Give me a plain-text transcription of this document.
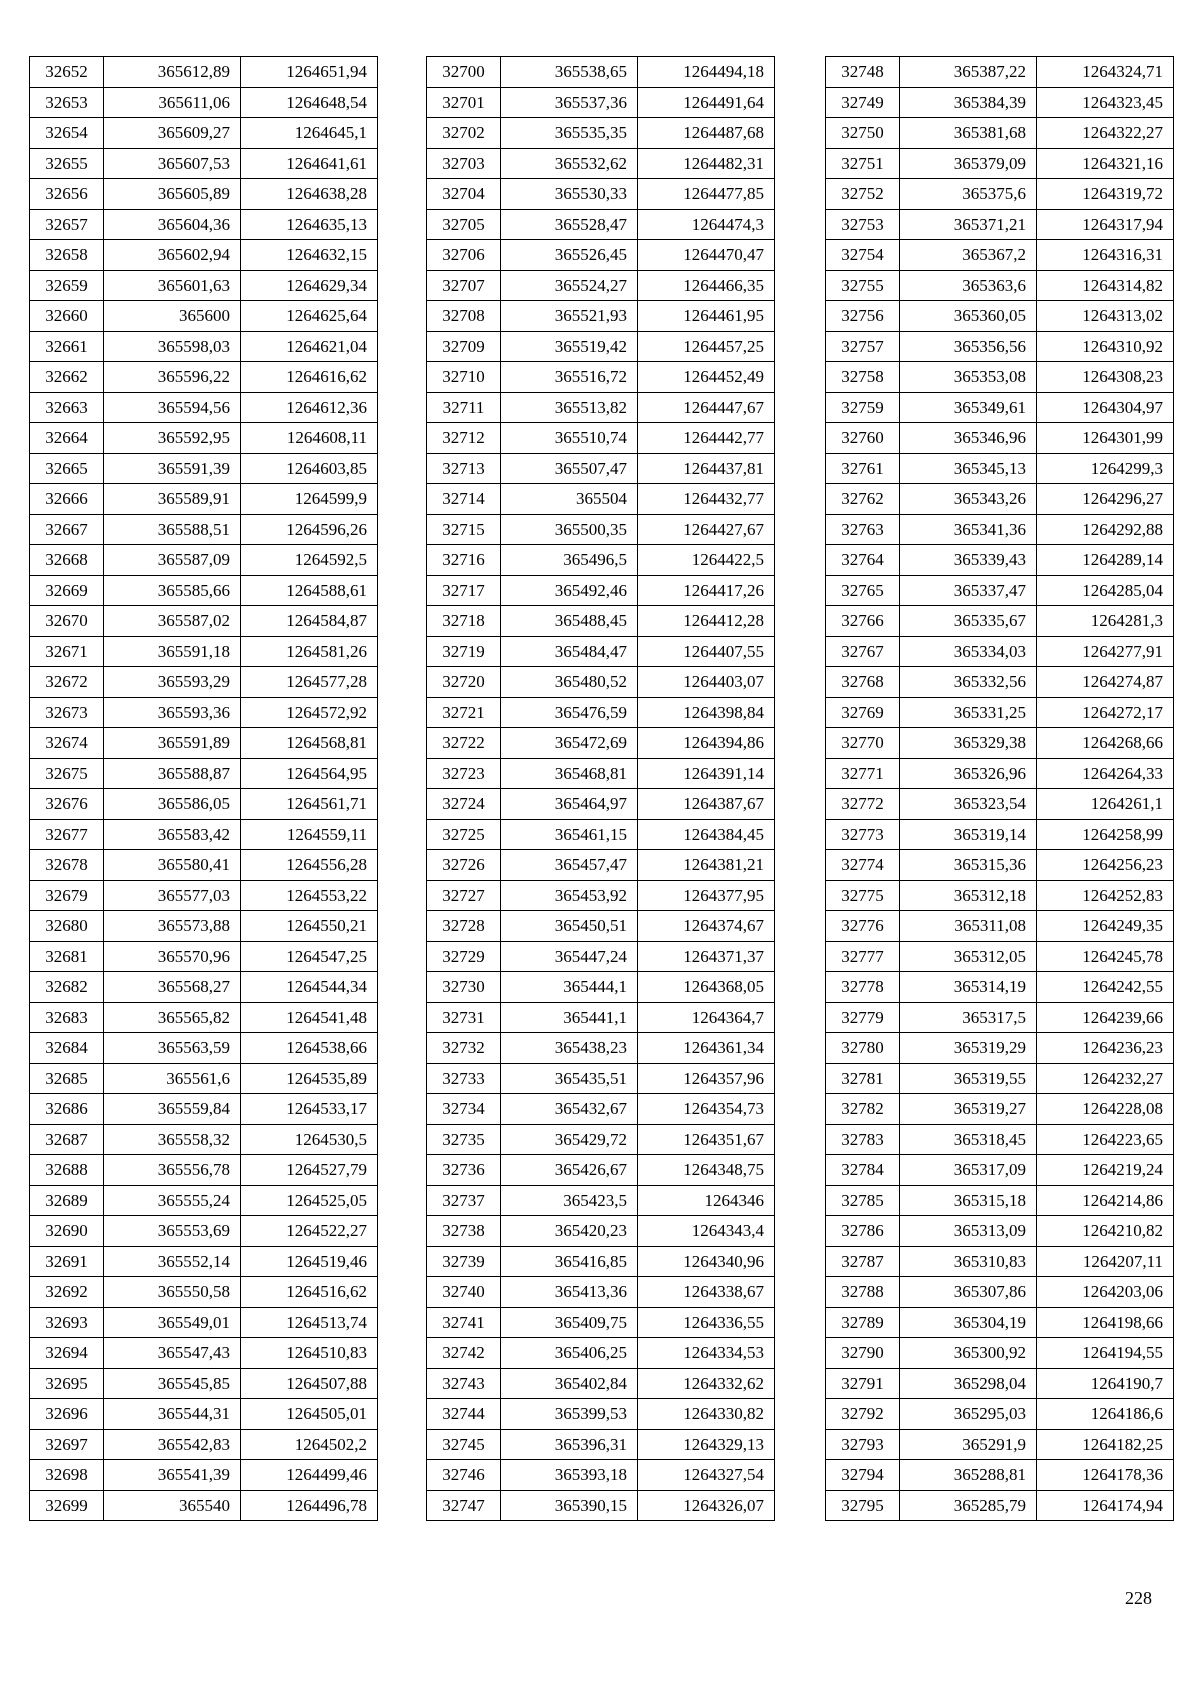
32652	365612,89	1264651,94
32653	365611,06	1264648,54
32654	365609,27	1264645,1
32655	365607,53	1264641,61
32656	365605,89	1264638,28
32657	365604,36	1264635,13
32658	365602,94	1264632,15
32659	365601,63	1264629,34
32660	365600	1264625,64
32661	365598,03	1264621,04
32662	365596,22	1264616,62
32663	365594,56	1264612,36
32664	365592,95	1264608,11
32665	365591,39	1264603,85
32666	365589,91	1264599,9
32667	365588,51	1264596,26
32668	365587,09	1264592,5
32669	365585,66	1264588,61
32670	365587,02	1264584,87
32671	365591,18	1264581,26
32672	365593,29	1264577,28
32673	365593,36	1264572,92
32674	365591,89	1264568,81
32675	365588,87	1264564,95
32676	365586,05	1264561,71
32677	365583,42	1264559,11
32678	365580,41	1264556,28
32679	365577,03	1264553,22
32680	365573,88	1264550,21
32681	365570,96	1264547,25
32682	365568,27	1264544,34
32683	365565,82	1264541,48
32684	365563,59	1264538,66
32685	365561,6	1264535,89
32686	365559,84	1264533,17
32687	365558,32	1264530,5
32688	365556,78	1264527,79
32689	365555,24	1264525,05
32690	365553,69	1264522,27
32691	365552,14	1264519,46
32692	365550,58	1264516,62
32693	365549,01	1264513,74
32694	365547,43	1264510,83
32695	365545,85	1264507,88
32696	365544,31	1264505,01
32697	365542,83	1264502,2
32698	365541,39	1264499,46
32699	365540	1264496,78
32700	365538,65	1264494,18
32701	365537,36	1264491,64
32702	365535,35	1264487,68
32703	365532,62	1264482,31
32704	365530,33	1264477,85
32705	365528,47	1264474,3
32706	365526,45	1264470,47
32707	365524,27	1264466,35
32708	365521,93	1264461,95
32709	365519,42	1264457,25
32710	365516,72	1264452,49
32711	365513,82	1264447,67
32712	365510,74	1264442,77
32713	365507,47	1264437,81
32714	365504	1264432,77
32715	365500,35	1264427,67
32716	365496,5	1264422,5
32717	365492,46	1264417,26
32718	365488,45	1264412,28
32719	365484,47	1264407,55
32720	365480,52	1264403,07
32721	365476,59	1264398,84
32722	365472,69	1264394,86
32723	365468,81	1264391,14
32724	365464,97	1264387,67
32725	365461,15	1264384,45
32726	365457,47	1264381,21
32727	365453,92	1264377,95
32728	365450,51	1264374,67
32729	365447,24	1264371,37
32730	365444,1	1264368,05
32731	365441,1	1264364,7
32732	365438,23	1264361,34
32733	365435,51	1264357,96
32734	365432,67	1264354,73
32735	365429,72	1264351,67
32736	365426,67	1264348,75
32737	365423,5	1264346
32738	365420,23	1264343,4
32739	365416,85	1264340,96
32740	365413,36	1264338,67
32741	365409,75	1264336,55
32742	365406,25	1264334,53
32743	365402,84	1264332,62
32744	365399,53	1264330,82
32745	365396,31	1264329,13
32746	365393,18	1264327,54
32747	365390,15	1264326,07
32748	365387,22	1264324,71
32749	365384,39	1264323,45
32750	365381,68	1264322,27
32751	365379,09	1264321,16
32752	365375,6	1264319,72
32753	365371,21	1264317,94
32754	365367,2	1264316,31
32755	365363,6	1264314,82
32756	365360,05	1264313,02
32757	365356,56	1264310,92
32758	365353,08	1264308,23
32759	365349,61	1264304,97
32760	365346,96	1264301,99
32761	365345,13	1264299,3
32762	365343,26	1264296,27
32763	365341,36	1264292,88
32764	365339,43	1264289,14
32765	365337,47	1264285,04
32766	365335,67	1264281,3
32767	365334,03	1264277,91
32768	365332,56	1264274,87
32769	365331,25	1264272,17
32770	365329,38	1264268,66
32771	365326,96	1264264,33
32772	365323,54	1264261,1
32773	365319,14	1264258,99
32774	365315,36	1264256,23
32775	365312,18	1264252,83
32776	365311,08	1264249,35
32777	365312,05	1264245,78
32778	365314,19	1264242,55
32779	365317,5	1264239,66
32780	365319,29	1264236,23
32781	365319,55	1264232,27
32782	365319,27	1264228,08
32783	365318,45	1264223,65
32784	365317,09	1264219,24
32785	365315,18	1264214,86
32786	365313,09	1264210,82
32787	365310,83	1264207,11
32788	365307,86	1264203,06
32789	365304,19	1264198,66
32790	365300,92	1264194,55
32791	365298,04	1264190,7
32792	365295,03	1264186,6
32793	365291,9	1264182,25
32794	365288,81	1264178,36
32795	365285,79	1264174,94
228
